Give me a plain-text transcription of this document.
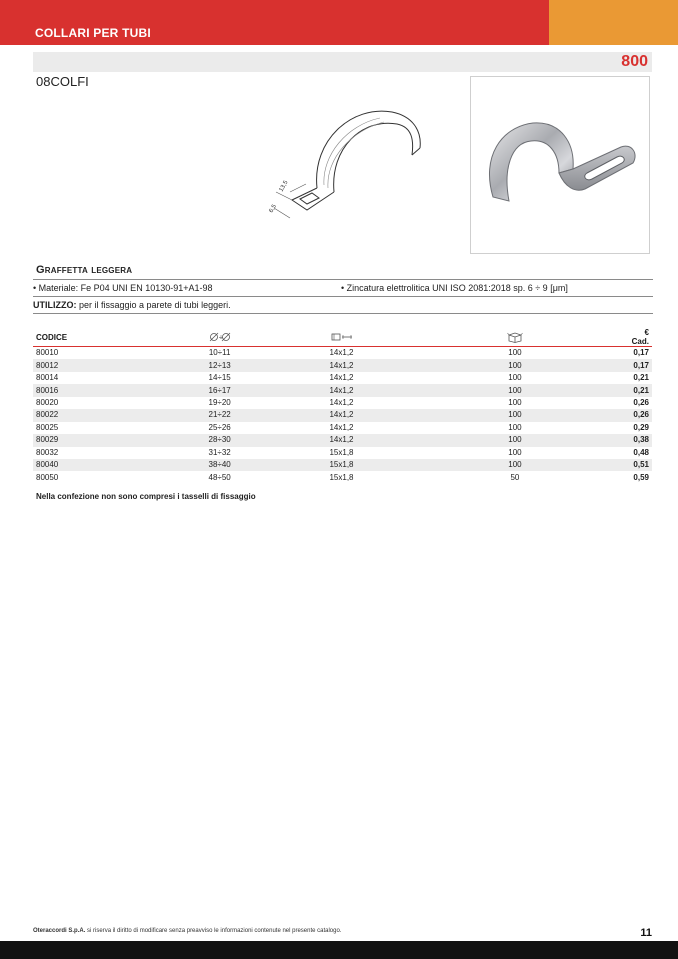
COLLARI PER TUBI
800
08COLFI
13,5
6,5
Graffetta leggera
• Materiale: Fe P04 UNI EN 10130-91+A1-98	• Zincatura elettrolitica UNI ISO 2081:2018 sp. 6 ÷ 9 [μm]
UTILIZZO: per il fissaggio a parete di tubi leggeri.
CODICE	÷			€ Cad.
80010	10÷11	14x1,2	100	0,17
80012	12÷13	14x1,2	100	0,17
80014	14÷15	14x1,2	100	0,21
80016	16÷17	14x1,2	100	0,21
80020	19÷20	14x1,2	100	0,26
80022	21÷22	14x1,2	100	0,26
80025	25÷26	14x1,2	100	0,29
80029	28÷30	14x1,2	100	0,38
80032	31÷32	15x1,8	100	0,48
80040	38÷40	15x1,8	100	0,51
80050	48÷50	15x1,8	50	0,59
Nella confezione non sono compresi i tasselli di fissaggio
Oteraccordi S.p.A. si riserva il diritto di modificare senza preavviso le informazioni contenute nel presente catalogo.	11
